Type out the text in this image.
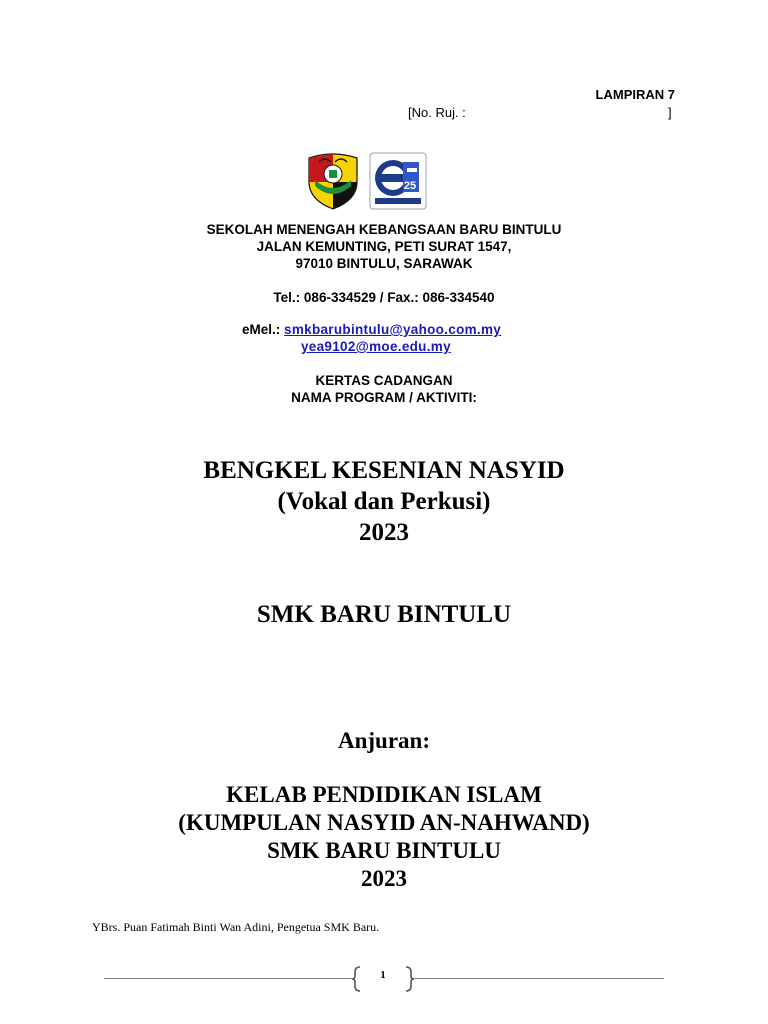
LAMPIRAN 7
[No. Ruj. :	]
25
SEKOLAH MENENGAH KEBANGSAAN BARU BINTULU
JALAN KEMUNTING, PETI SURAT 1547,
97010 BINTULU, SARAWAK
Tel.: 086-334529 / Fax.: 086-334540
eMel.: smkbarubintulu@yahoo.com.my
yea9102@moe.edu.my
KERTAS CADANGAN
NAMA PROGRAM / AKTIVITI:
BENGKEL KESENIAN NASYID
(Vokal dan Perkusi)
2023
SMK BARU BINTULU
Anjuran:
KELAB PENDIDIKAN ISLAM
(KUMPULAN NASYID AN-NAHWAND)
SMK BARU BINTULU
2023
YBrs. Puan Fatimah Binti Wan Adini, Pengetua SMK Baru.
1
